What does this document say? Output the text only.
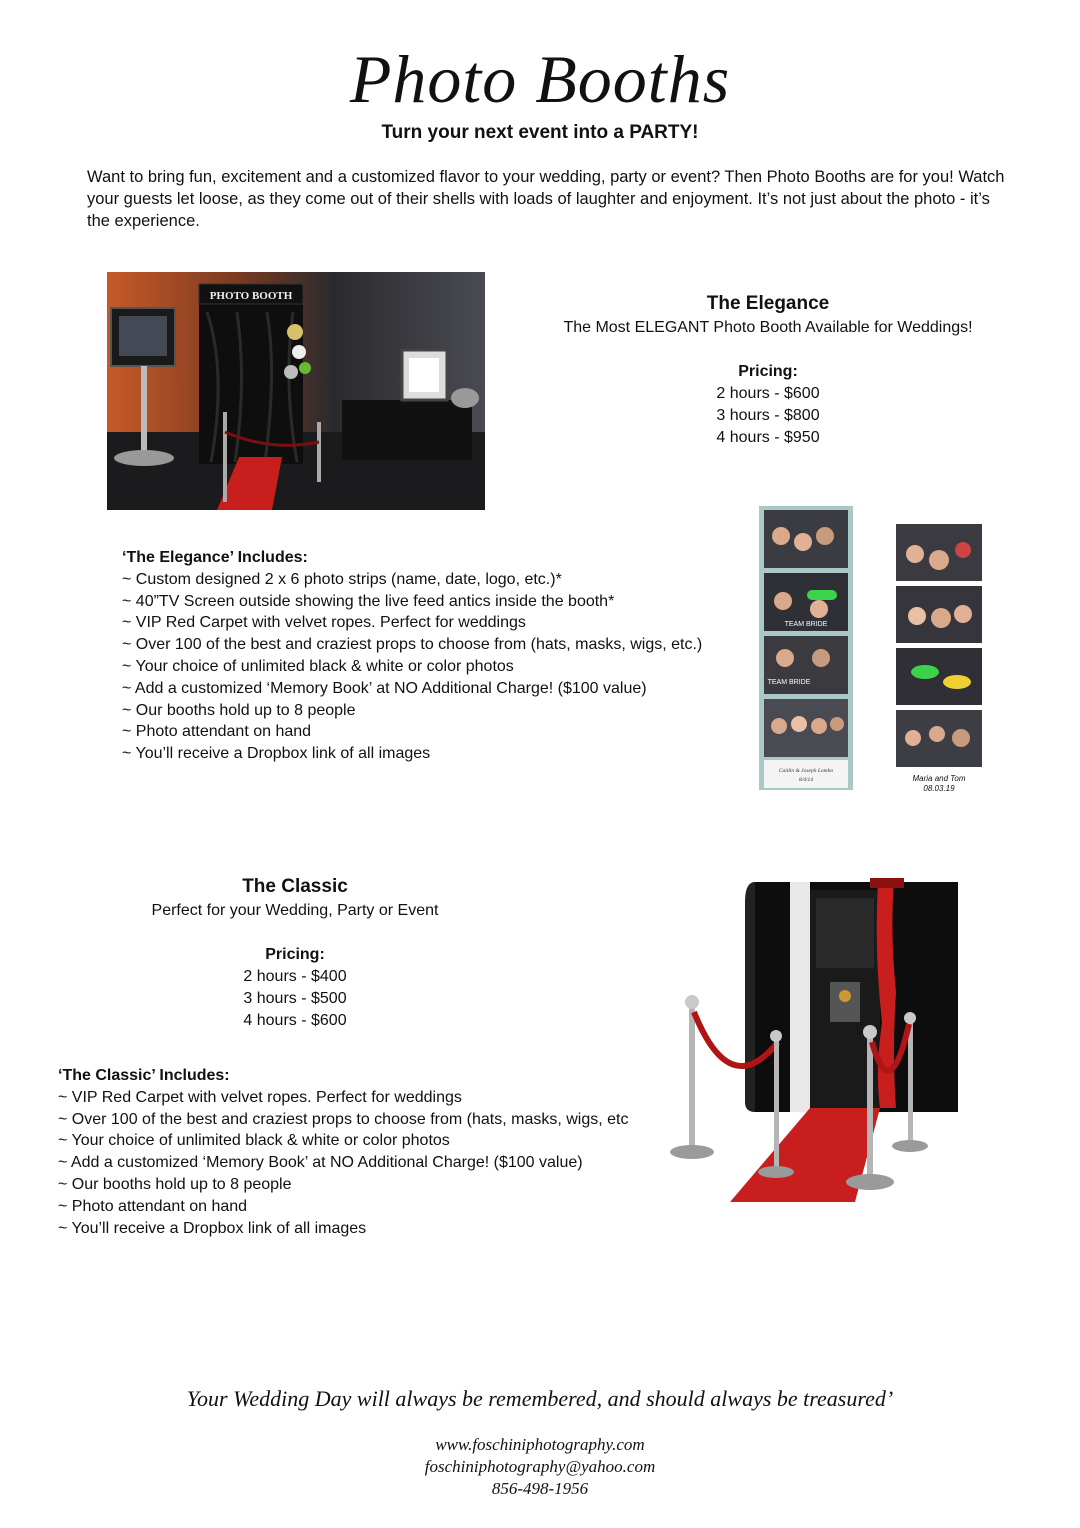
Photo Booths
Turn your next event into a PARTY!

Want to bring fun, excitement and a customized flavor to your wedding, party or event? Then Photo Booths are for you! Watch your guests let loose, as they come out of their shells with loads of laughter and enjoyment. It’s not just about the photo - it’s the experience.

PHOTO BOOTH	The Elegance
The Most ELEGANT Photo Booth Available for Weddings!
Pricing:
2 hours - $600
3 hours - $800
4 hours - $950
‘The Elegance’ Includes:
~ Custom designed 2 x 6 photo strips (name, date, logo, etc.)*
~ 40”TV Screen outside showing the live feed antics inside the booth*
~ VIP Red Carpet with velvet ropes. Perfect for weddings
~ Over 100 of the best and craziest props to choose from (hats, masks, wigs, etc.)
~ Your choice of unlimited black & white or color photos
~ Add a customized ‘Memory Book’ at NO Additional Charge! ($100 value)
~ Our booths hold up to 8 people
~ Photo attendant on hand
~ You’ll receive a Dropbox link of all images
TEAM BRIDE
TEAM BRIDE
Caitlin & Joseph Lombo
8/4/14	Maria and Tom
08.03.19
The Classic
Perfect for your Wedding, Party or Event
Pricing:
2 hours - $400
3 hours - $500
4 hours - $600
‘The Classic’ Includes:
~ VIP Red Carpet with velvet ropes. Perfect for weddings
~ Over 100 of the best and craziest props to choose from (hats, masks, wigs, etc
~ Your choice of unlimited black & white or color photos
~ Add a customized ‘Memory Book’ at NO Additional Charge! ($100 value)
~ Our booths hold up to 8 people
~ Photo attendant on hand
~ You’ll receive a Dropbox link of all images
Your Wedding Day will always be remembered, and should always be treasured’
www.foschiniphotography.com
foschiniphotography@yahoo.com
856-498-1956
